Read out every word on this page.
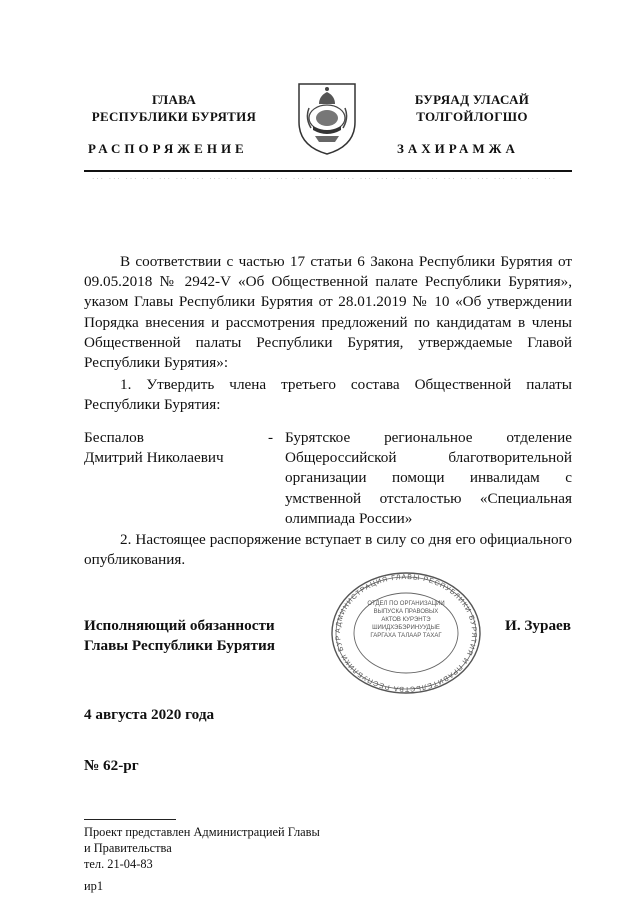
ГЛАВА
РЕСПУБЛИКИ БУРЯТИЯ
РАСПОРЯЖЕНИЕ
БУРЯАД УЛАСАЙ
ТОЛГОЙЛОГШО
ЗАХИРАМЖА
··· ··· ··· ··· ··· ··· ··· ··· ··· ··· ··· ··· ··· ··· ··· ··· ··· ··· ··· ··· ··· ··· ··· ··· ··· ··· ··· ···

В соответствии с частью 17 статьи 6 Закона Республики Бурятия от 09.05.2018 № 2942-V «Об Общественной палате Республики Бурятия», указом Главы Республики Бурятия от 28.01.2019 № 10 «Об утверждении Порядка внесения и рассмотрения предложений по кандидатам в члены Общественной палаты Республики Бурятия, утверждаемые Главой Республики Бурятия»:

1. Утвердить члена третьего состава Общественной палаты Республики Бурятия:

Беспалов
Дмитрий Николаевич
- Бурятское региональное отделение Общероссийской благотворительной организации помощи инвалидам с умственной отсталостью «Специальная олимпиада России»

2. Настоящее распоряжение вступает в силу со дня его официального опубликования.

Исполняющий обязанности
Главы Республики Бурятия
И. Зураев
АДМИНИСТРАЦИЯ ГЛАВЫ РЕСПУБЛИКИ БУРЯТИЯ И ПРАВИТЕЛЬСТВА РЕСПУБЛИКИ БУР
ОТДЕЛ ПО ОРГАНИЗАЦИИ ВЫПУСКА ПРАВОВЫХ АКТОВ КУРЭНТЭ ШИИДХЭБЭРИНУУДЫЕ ГАРГАХА ТАЛААР ТАХАГ
4 августа 2020 года
№ 62-рг
Проект представлен Администрацией Главы
и Правительства
тел. 21-04-83
ир1
